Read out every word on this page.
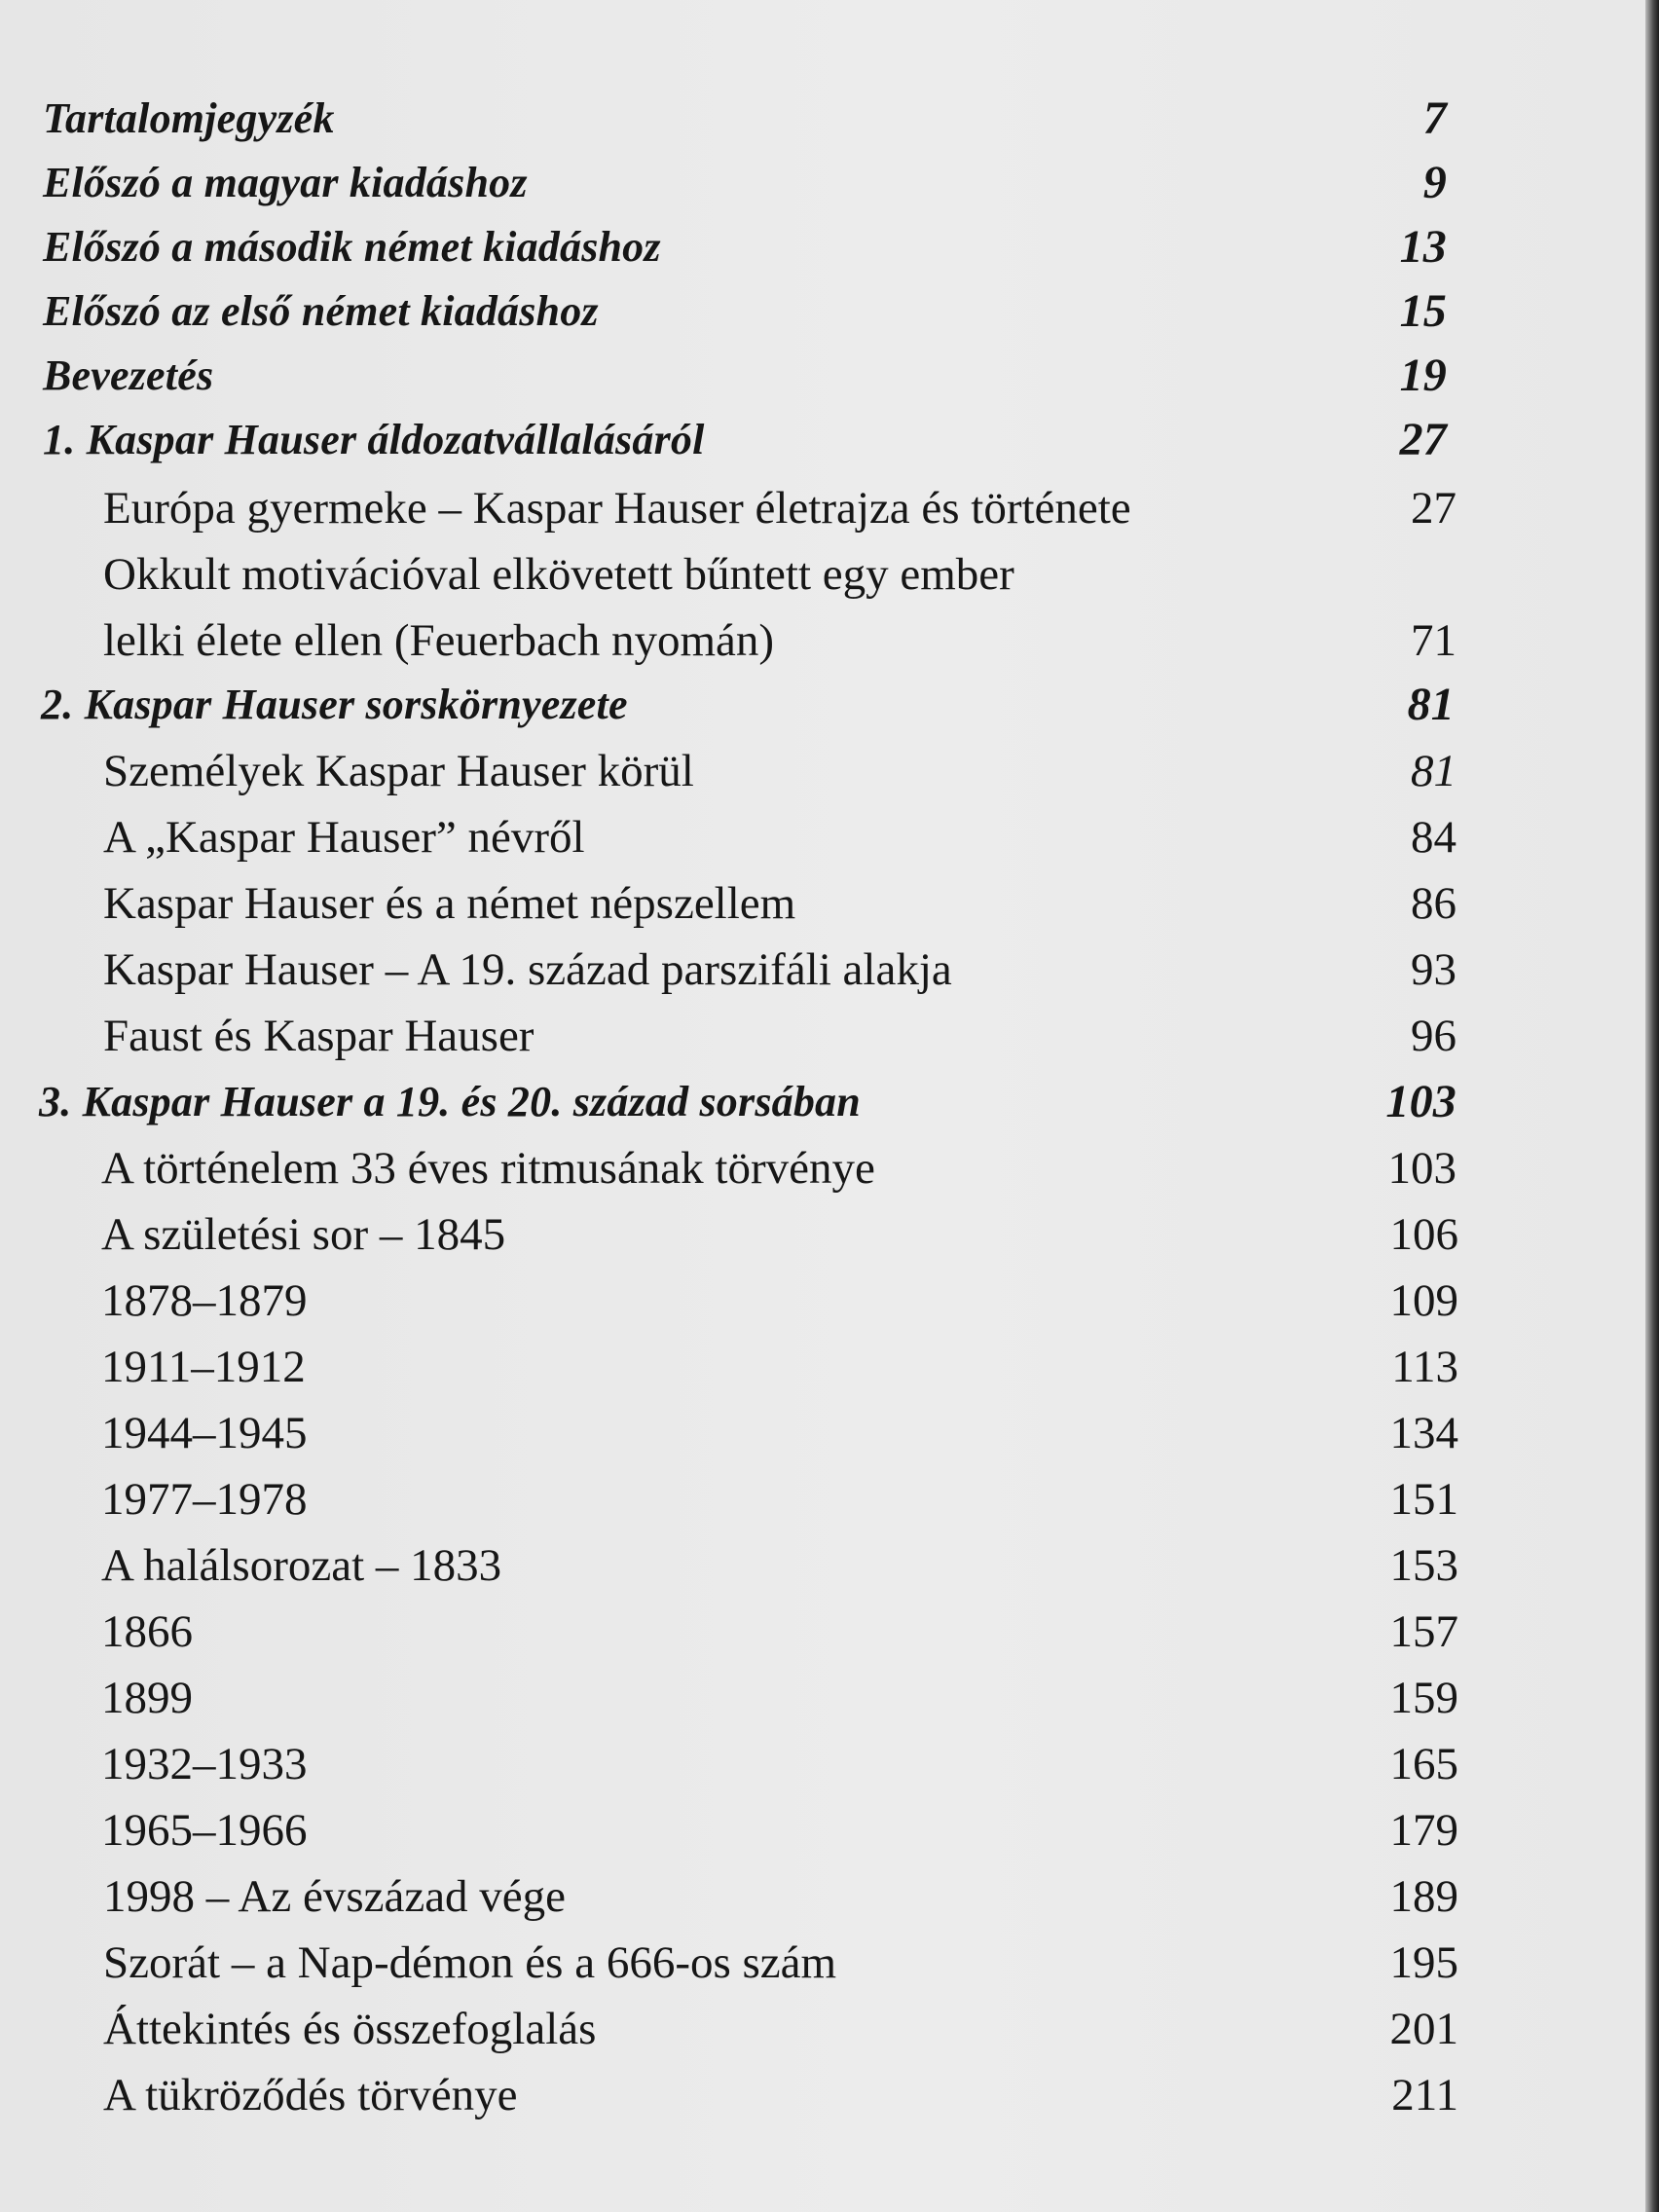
Tartalomjegyzék	7
Előszó a magyar kiadáshoz	9
Előszó a második német kiadáshoz	13
Előszó az első német kiadáshoz	15
Bevezetés	19
1. Kaspar Hauser áldozatvállalásáról	27
Európa gyermeke – Kaspar Hauser életrajza és története	27
Okkult motivációval elkövetett bűntett egy ember
lelki élete ellen (Feuerbach nyomán)	71
2. Kaspar Hauser sorskörnyezete	81
Személyek Kaspar Hauser körül	81
A „Kaspar Hauser” névről	84
Kaspar Hauser és a német népszellem	86
Kaspar Hauser – A 19. század parszifáli alakja	93
Faust és Kaspar Hauser	96
3. Kaspar Hauser a 19. és 20. század sorsában	103
A történelem 33 éves ritmusának törvénye	103
A születési sor – 1845	106
1878–1879	109
1911–1912	113
1944–1945	134
1977–1978	151
A halálsorozat – 1833	153
1866	157
1899	159
1932–1933	165
1965–1966	179
1998 – Az évszázad vége	189
Szorát – a Nap-démon és a 666-os szám	195
Áttekintés és összefoglalás	201
A tükröződés törvénye	211
